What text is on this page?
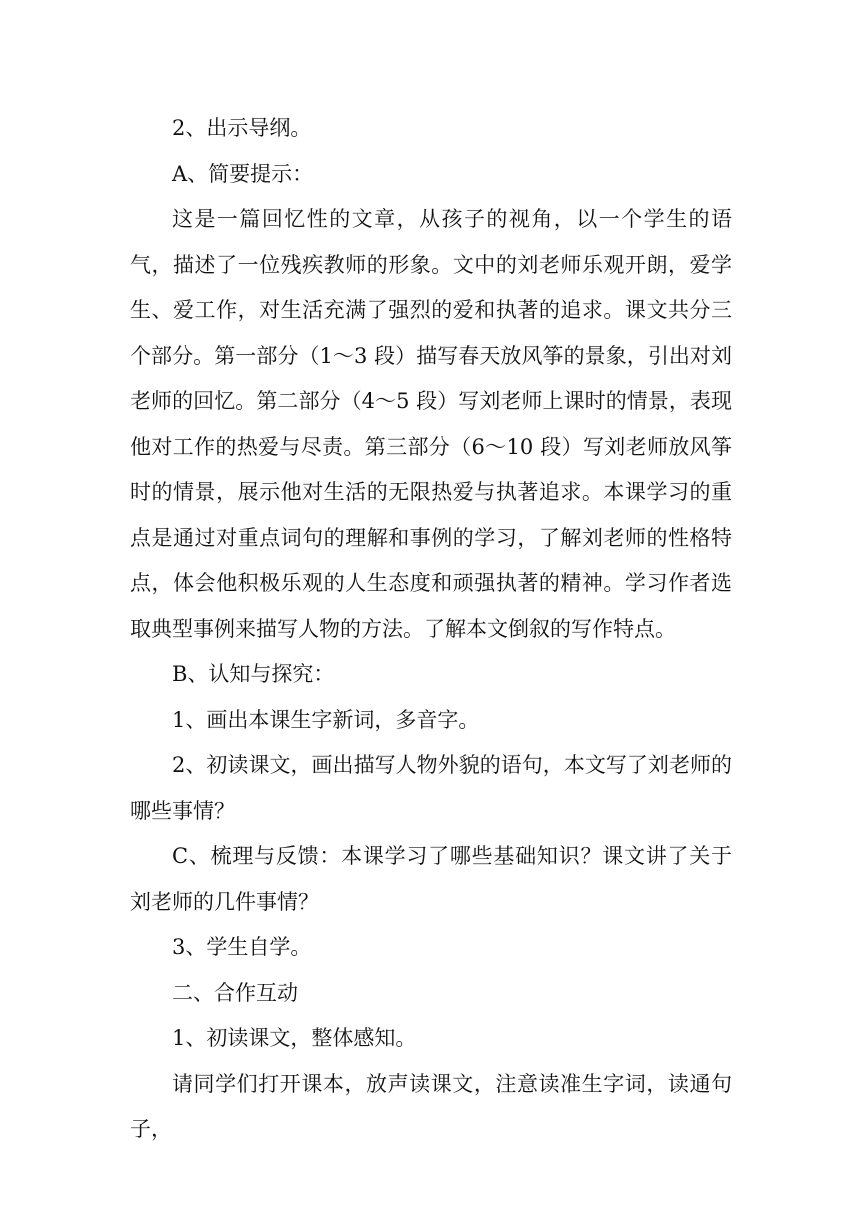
2、出示导纲。

A、简要提示：

这是一篇回忆性的文章，从孩子的视角，以一个学生的语气，描述了一位残疾教师的形象。文中的刘老师乐观开朗，爱学生、爱工作，对生活充满了强烈的爱和执著的追求。课文共分三个部分。第一部分（1～3 段）描写春天放风筝的景象，引出对刘老师的回忆。第二部分（4～5 段）写刘老师上课时的情景，表现他对工作的热爱与尽责。第三部分（6～10 段）写刘老师放风筝时的情景，展示他对生活的无限热爱与执著追求。本课学习的重点是通过对重点词句的理解和事例的学习，了解刘老师的性格特点，体会他积极乐观的人生态度和顽强执著的精神。学习作者选取典型事例来描写人物的方法。了解本文倒叙的写作特点。

B、认知与探究：

1、画出本课生字新词，多音字。

2、初读课文，画出描写人物外貌的语句，本文写了刘老师的哪些事情？

C、梳理与反馈：本课学习了哪些基础知识？课文讲了关于刘老师的几件事情？

3、学生自学。

二、合作互动

1、初读课文，整体感知。

请同学们打开课本，放声读课文，注意读准生字词，读通句子，
